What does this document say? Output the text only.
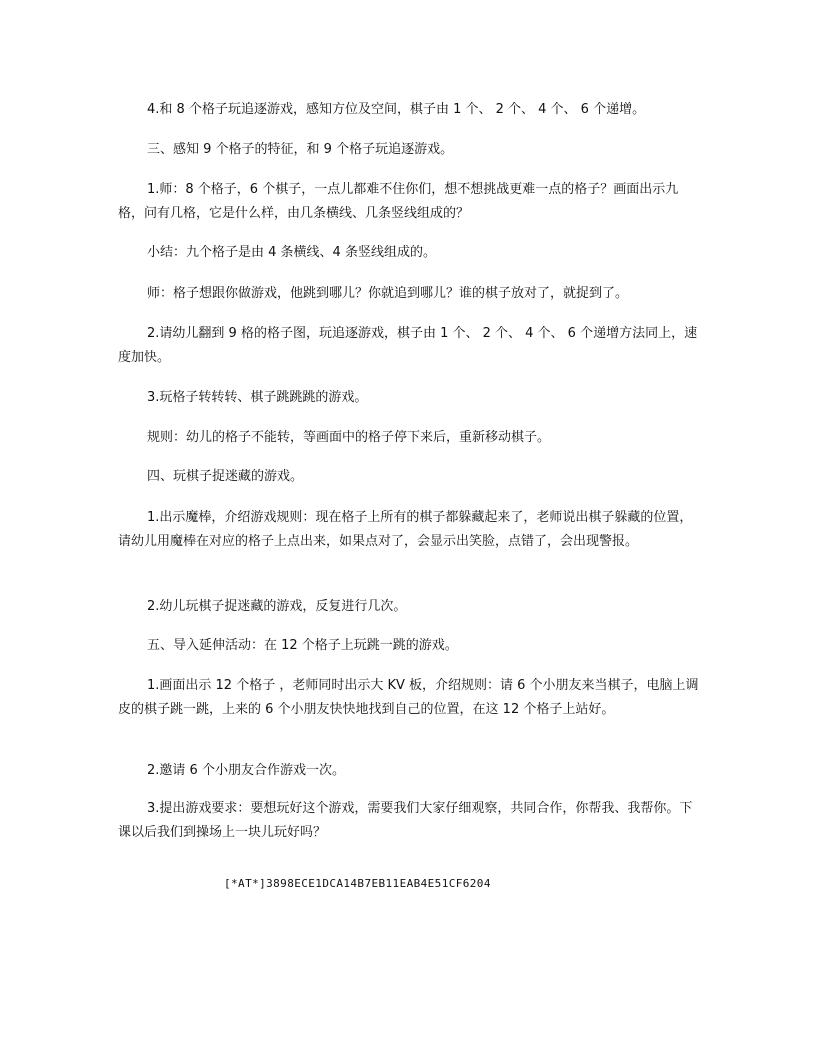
4.和 8 个格子玩追逐游戏，感知方位及空间，棋子由 1 个、 2 个、 4 个、 6 个递增。

三、感知 9 个格子的特征，和 9 个格子玩追逐游戏。

1.师：8 个格子，6 个棋子，一点儿都难不住你们，想不想挑战更难一点的格子？画面出示九格，问有几格，它是什么样，由几条横线、几条竖线组成的？

小结：九个格子是由 4 条横线、4 条竖线组成的。

师：格子想跟你做游戏，他跳到哪儿？你就追到哪儿？谁的棋子放对了，就捉到了。

2.请幼儿翻到 9 格的格子图，玩追逐游戏，棋子由 1 个、 2 个、 4 个、 6 个递增方法同上，速度加快。

3.玩格子转转转、棋子跳跳跳的游戏。

规则：幼儿的格子不能转，等画面中的格子停下来后，重新移动棋子。

四、玩棋子捉迷藏的游戏。

1.出示魔棒，介绍游戏规则：现在格子上所有的棋子都躲藏起来了，老师说出棋子躲藏的位置，请幼儿用魔棒在对应的格子上点出来，如果点对了，会显示出笑脸，点错了，会出现警报。

2.幼儿玩棋子捉迷藏的游戏，反复进行几次。

五、导入延伸活动：在 12 个格子上玩跳一跳的游戏。

1.画面出示 12 个格子 ，老师同时出示大 KV 板，介绍规则：请 6 个小朋友来当棋子，电脑上调皮的棋子跳一跳，上来的 6 个小朋友快快地找到自己的位置，在这 12 个格子上站好。

2.邀请 6 个小朋友合作游戏一次。

3.提出游戏要求：要想玩好这个游戏，需要我们大家仔细观察，共同合作，你帮我、我帮你。下课以后我们到操场上一块儿玩好吗？

[*AT*]3898ECE1DCA14B7EB11EAB4E51CF6204
